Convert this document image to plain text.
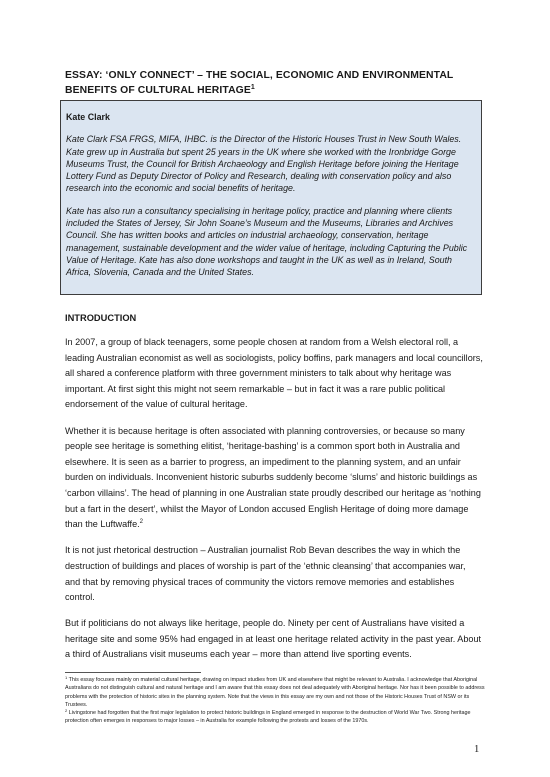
ESSAY: ‘ONLY CONNECT’ – THE SOCIAL, ECONOMIC AND ENVIRONMENTAL BENEFITS OF CULTURAL HERITAGE$^1$

Kate Clark

Kate Clark FSA FRGS, MIFA, IHBC. is the Director of the Historic Houses Trust in New South Wales. Kate grew up in Australia but spent 25 years in the UK where she worked with the Ironbridge Gorge Museums Trust, the Council for British Archaeology and English Heritage before joining the Heritage Lottery Fund as Deputy Director of Policy and Research, dealing with conservation policy and also research into the economic and social benefits of heritage.

Kate has also run a consultancy specialising in heritage policy, practice and planning where clients included the States of Jersey, Sir John Soane’s Museum and the Museums, Libraries and Archives Council. She has written books and articles on industrial archaeology, conservation, heritage management, sustainable development and the wider value of heritage, including Capturing the Public Value of Heritage. Kate has also done workshops and taught in the UK as well as in Ireland, South Africa, Slovenia, Canada and the United States.

INTRODUCTION

In 2007, a group of black teenagers, some people chosen at random from a Welsh electoral roll, a leading Australian economist as well as sociologists, policy boffins, park managers and local councillors, all shared a conference platform with three government ministers to talk about why heritage was important. At first sight this might not seem remarkable – but in fact it was a rare public political endorsement of the value of cultural heritage.

Whether it is because heritage is often associated with planning controversies, or because so many people see heritage is something elitist, ‘heritage-bashing’ is a common sport both in Australia and elsewhere. It is seen as a barrier to progress, an impediment to the planning system, and an unfair burden on individuals. Inconvenient historic suburbs suddenly become ‘slums’ and historic buildings as ‘carbon villains’. The head of planning in one Australian state proudly described our heritage as ‘nothing but a fart in the desert’, whilst the Mayor of London accused English Heritage of doing more damage than the Luftwaffe.$^2$

It is not just rhetorical destruction – Australian journalist Rob Bevan describes the way in which the destruction of buildings and places of worship is part of the ‘ethnic cleansing’ that accompanies war, and that by removing physical traces of community the victors remove memories and establishes control.

But if politicians do not always like heritage, people do. Ninety per cent of Australians have visited a heritage site and some 95% had engaged in at least one heritage related activity in the past year. About a third of Australians visit museums each year – more than attend live sporting events.

$^1$ This essay focuses mainly on material cultural heritage, drawing on impact studies from UK and elsewhere that might be relevant to Australia. I acknowledge that Aboriginal Australians do not distinguish cultural and natural heritage and I am aware that this essay does not deal adequately with Aboriginal heritage. Nor has it been possible to address problems with the protection of historic sites in the planning system. Note that the views in this essay are my own and not those of the Historic Houses Trust of NSW or its Trustees.

$^2$ Livingstone had forgotten that the first major legislation to protect historic buildings in England emerged in response to the destruction of World War Two. Strong heritage protection often emerges in responses to major losses – in Australia for example following the protests and losses of the 1970s.

1
